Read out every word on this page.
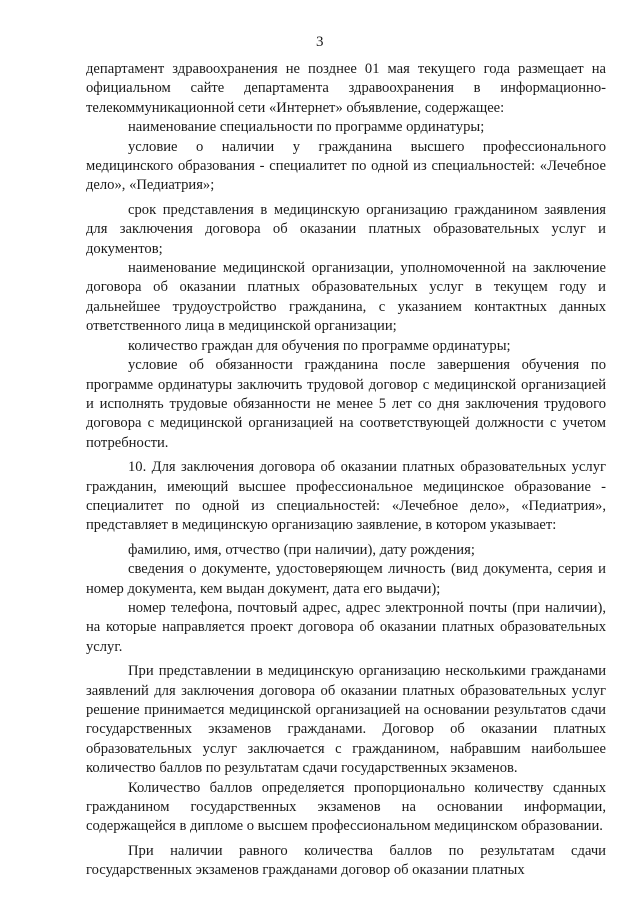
3

департамент здравоохранения не позднее 01 мая текущего года размещает на официальном сайте департамента здравоохранения в информационно-телекоммуникационной сети «Интернет» объявление, содержащее:

наименование специальности по программе ординатуры;

условие о наличии у гражданина высшего профессионального медицинского образования - специалитет по одной из специальностей: «Лечебное дело», «Педиатрия»;

срок представления в медицинскую организацию гражданином заявления для заключения договора об оказании платных образовательных услуг и документов;

наименование медицинской организации, уполномоченной на заключение договора об оказании платных образовательных услуг в текущем году и дальнейшее трудоустройство гражданина, с указанием контактных данных ответственного лица в медицинской организации;

количество граждан для обучения по программе ординатуры;

условие об обязанности гражданина после завершения обучения по программе ординатуры заключить трудовой договор с медицинской организацией и исполнять трудовые обязанности не менее 5 лет со дня заключения трудового договора с медицинской организацией на соответствующей должности с учетом потребности.

10. Для заключения договора об оказании платных образовательных услуг гражданин, имеющий высшее профессиональное медицинское образование - специалитет по одной из специальностей: «Лечебное дело», «Педиатрия», представляет в медицинскую организацию заявление, в котором указывает:

фамилию, имя, отчество (при наличии), дату рождения;

сведения о документе, удостоверяющем личность (вид документа, серия и номер документа, кем выдан документ, дата его выдачи);

номер телефона, почтовый адрес, адрес электронной почты (при наличии), на которые направляется проект договора об оказании платных образовательных услуг.

При представлении в медицинскую организацию несколькими гражданами заявлений для заключения договора об оказании платных образовательных услуг решение принимается медицинской организацией на основании результатов сдачи государственных экзаменов гражданами. Договор об оказании платных образовательных услуг заключается с гражданином, набравшим наибольшее количество баллов по результатам сдачи государственных экзаменов.

Количество баллов определяется пропорционально количеству сданных гражданином государственных экзаменов на основании информации, содержащейся в дипломе о высшем профессиональном медицинском образовании.

При наличии равного количества баллов по результатам сдачи государственных экзаменов гражданами договор об оказании платных
